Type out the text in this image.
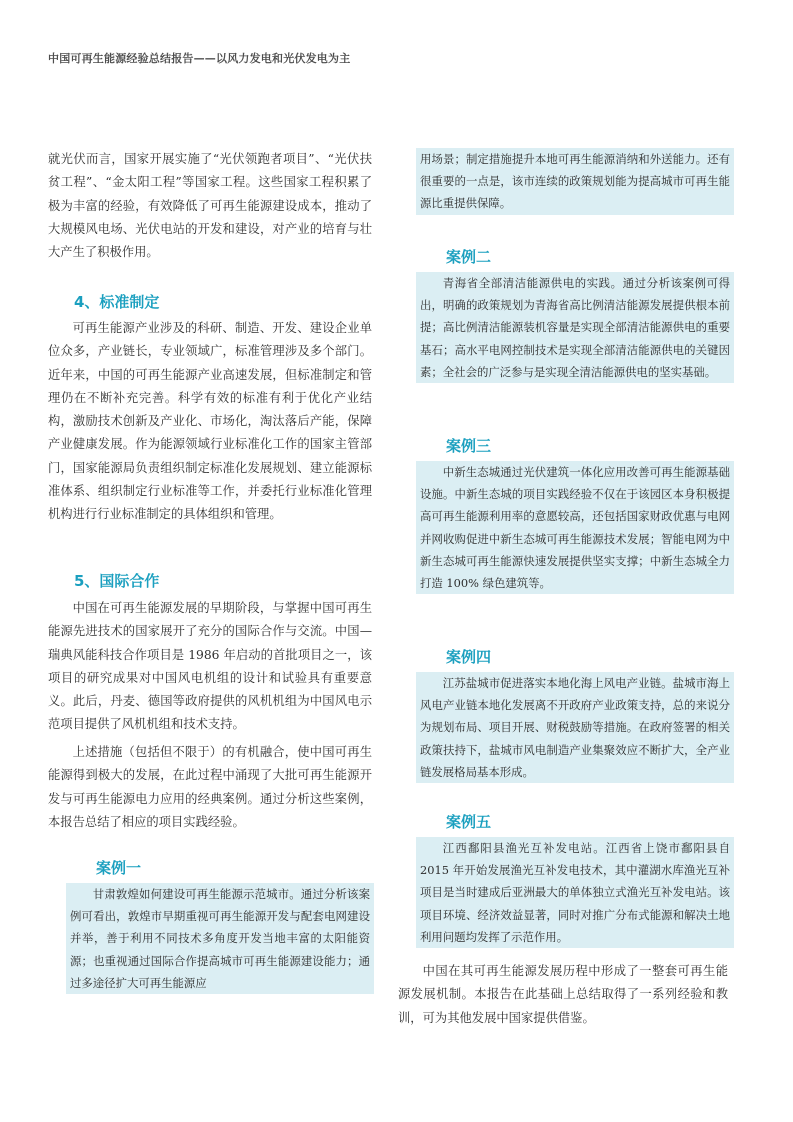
中国可再生能源经验总结报告——以风力发电和光伏发电为主

就光伏而言，国家开展实施了“光伏领跑者项目”、“光伏扶贫工程”、“金太阳工程”等国家工程。这些国家工程积累了极为丰富的经验，有效降低了可再生能源建设成本，推动了大规模风电场、光伏电站的开发和建设，对产业的培育与壮大产生了积极作用。

4、标准制定

可再生能源产业涉及的科研、制造、开发、建设企业单位众多，产业链长，专业领域广，标准管理涉及多个部门。近年来，中国的可再生能源产业高速发展，但标准制定和管理仍在不断补充完善。科学有效的标准有利于优化产业结构，激励技术创新及产业化、市场化，淘汰落后产能，保障产业健康发展。作为能源领域行业标准化工作的国家主管部门，国家能源局负责组织制定标准化发展规划、建立能源标准体系、组织制定行业标准等工作，并委托行业标准化管理机构进行行业标准制定的具体组织和管理。

5、国际合作

中国在可再生能源发展的早期阶段，与掌握中国可再生能源先进技术的国家展开了充分的国际合作与交流。中国—瑞典风能科技合作项目是 1986 年启动的首批项目之一，该项目的研究成果对中国风电机组的设计和试验具有重要意义。此后，丹麦、德国等政府提供的风机机组为中国风电示范项目提供了风机机组和技术支持。

上述措施（包括但不限于）的有机融合，使中国可再生能源得到极大的发展，在此过程中涌现了大批可再生能源开发与可再生能源电力应用的经典案例。通过分析这些案例，本报告总结了相应的项目实践经验。

案例一

甘肃敦煌如何建设可再生能源示范城市。通过分析该案例可看出，敦煌市早期重视可再生能源开发与配套电网建设并举，善于利用不同技术多角度开发当地丰富的太阳能资源；也重视通过国际合作提高城市可再生能源建设能力；通过多途径扩大可再生能源应

用场景；制定措施提升本地可再生能源消纳和外送能力。还有很重要的一点是，该市连续的政策规划能为提高城市可再生能源比重提供保障。

案例二

青海省全部清洁能源供电的实践。通过分析该案例可得出，明确的政策规划为青海省高比例清洁能源发展提供根本前提；高比例清洁能源装机容量是实现全部清洁能源供电的重要基石；高水平电网控制技术是实现全部清洁能源供电的关键因素；全社会的广泛参与是实现全清洁能源供电的坚实基础。

案例三

中新生态城通过光伏建筑一体化应用改善可再生能源基础设施。中新生态城的项目实践经验不仅在于该园区本身积极提高可再生能源利用率的意愿较高，还包括国家财政优惠与电网并网收购促进中新生态城可再生能源技术发展；智能电网为中新生态城可再生能源快速发展提供坚实支撑；中新生态城全力打造 100% 绿色建筑等。

案例四

江苏盐城市促进落实本地化海上风电产业链。盐城市海上风电产业链本地化发展离不开政府产业政策支持，总的来说分为规划布局、项目开展、财税鼓励等措施。在政府签署的相关政策扶持下，盐城市风电制造产业集聚效应不断扩大，全产业链发展格局基本形成。

案例五

江西鄱阳县渔光互补发电站。江西省上饶市鄱阳县自 2015 年开始发展渔光互补发电技术，其中灌湖水库渔光互补项目是当时建成后亚洲最大的单体独立式渔光互补发电站。该项目环境、经济效益显著，同时对推广分布式能源和解决土地利用问题均发挥了示范作用。

中国在其可再生能源发展历程中形成了一整套可再生能源发展机制。本报告在此基础上总结取得了一系列经验和教训，可为其他发展中国家提供借鉴。
